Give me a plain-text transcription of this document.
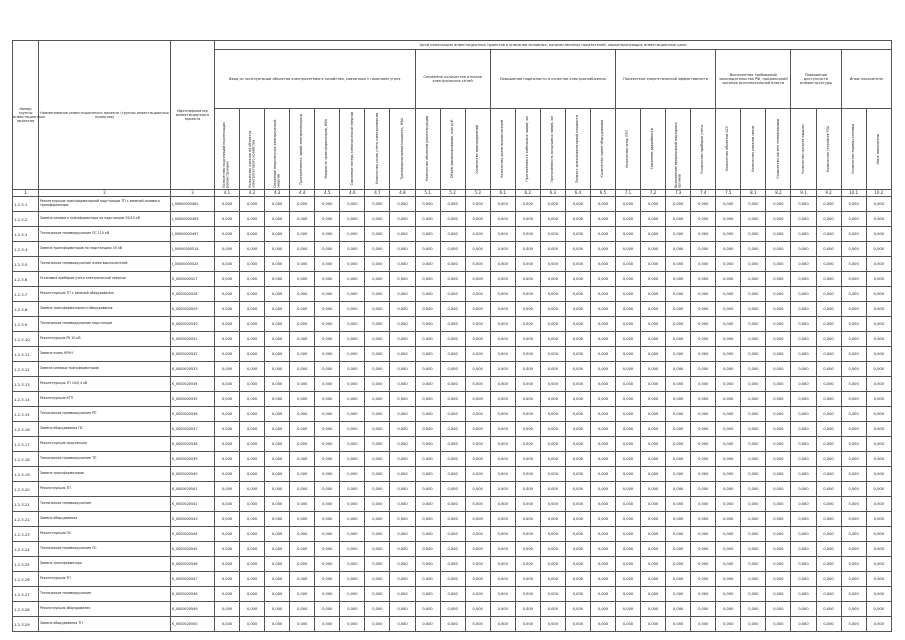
Номер группы инвестиционных проектов	Наименование инвестиционного проекта (группы инвестиционных проектов)	Идентификатор инвестиционного проекта	Цели реализации инвестиционных проектов в описании основных, количественных показателей, характеризующих инвестиционные цели																										
			Ввод из эксплуатации объектов электросетевого хозяйства, связанных с наличием угроз								Снижение количества отказов электрических сетей			Повышение надёжности и качества электроснабжения					Показатели энергетической эффективности				Выполнение требований законодательства РФ, предписаний органов исполнительной власти			Повышение доступности инфраструктуры		Иные показатели	

			Количество подстанций подлежащих реконструкции	Количество отказов на объектах электросетевого хозяйства	Снижение недоотпуска электрической энергии	Протяжённость линий электропередачи	Мощность трансформаторов, МВА	Снижение потерь электрической энергии	Количество точек учёта электроэнергии	Трансформаторная мощность, МВА	Количество объектов реконструкции	Объём финансирования, млн руб.	Количество присоединений	Количество ячеек выключателей	Протяжённость кабельных линий, км	Протяжённость воздушных линий, км	Прирост трансформаторной мощности	Количество замен оборудования	Количество опор ЛЭП	Снижение аварийности	Выполнение предписаний надзорных органов	Количество приборов учёта	Количество объектов АСУ	Количество каналов связи	Количество систем телемеханики	Количество средств защиты	Количество устройств РЗА	Количество единиц техники	Иные показатели

1	2	3	4.1	4.2	4.3	4.4	4.5	4.6	4.7	4.8	5.1	5.2	5.3	6.1	6.2	6.3	6.4	6.5	7.1	7.2	7.3	7.4	7.5	8.1	8.2	9.1	9.2	10.1	10.2
1.2.3.1	Реконструкция трансформаторной подстанции ТП с заменой силового трансформатора	J_00000005461	0,000	0,000	0,000	0,000	0,000	0,000	0,000	0,000	0,000	0,000	0,000	0,000	0,000	0,000	0,000	0,000	0,000	0,000	0,000	0,000	0,000	0,000	0,000	0,000	0,000	0,000	0,000
1.2.3.2	Замена силового трансформатора на подстанции 35/10 кВ	J_00000005493	0,000	0,000	0,000	0,000	0,000	0,000	0,000	0,000	0,000	0,000	0,000	0,000	0,000	0,000	0,000	0,000	0,000	0,000	0,000	0,000	0,000	0,000	0,000	0,000	0,000	0,000	0,000
1.2.3.3	Техническое перевооружение ПС 110 кВ	J_00000005497	0,000	0,000	0,000	0,000	0,000	0,000	0,000	0,000	0,000	0,000	0,000	0,000	0,000	0,000	0,000	0,000	0,000	0,000	0,000	0,000	0,000	0,000	0,000	0,000	0,000	0,000	0,000
1.2.3.4	Замена трансформаторов на подстанциях 35 кВ	J_00000005514	0,000	0,000	0,000	0,000	0,000	0,000	0,000	0,000	0,000	0,000	0,000	0,000	0,000	0,000	0,000	0,000	0,000	0,000	0,000	0,000	0,000	0,000	0,000	0,000	0,000	0,000	0,000
1.2.3.5	Техническое перевооружение ячеек выключателей	J_00000005525	0,000	0,000	0,000	0,000	0,000	0,000	0,000	0,000	0,000	0,000	0,000	0,000	0,000	0,000	0,000	0,000	0,000	0,000	0,000	0,000	0,000	0,000	0,000	0,000	0,000	0,000	0,000
1.2.3.6	Установка приборов учёта электрической энергии	K_0000020527	0,000	0,000	0,000	0,000	0,000	0,000	0,000	0,000	0,000	0,000	0,000	0,000	0,000	0,000	0,000	0,000	0,000	0,000	0,000	0,000	0,000	0,000	0,000	0,000	0,000	0,000	0,000
1.2.3.7	Реконструкция ТП с заменой оборудования	K_0000020528	0,000	0,000	0,000	0,000	0,000	0,000	0,000	0,000	0,000	0,000	0,000	0,000	0,000	0,000	0,000	0,000	0,000	0,000	0,000	0,000	0,000	0,000	0,000	0,000	0,000	0,000	0,000
1.2.3.8	Замена трансформаторного оборудования	K_0000020529	0,000	0,000	0,000	0,000	0,000	0,000	0,000	0,000	0,000	0,000	0,000	0,000	0,000	0,000	0,000	0,000	0,000	0,000	0,000	0,000	0,000	0,000	0,000	0,000	0,000	0,000	0,000
1.2.3.9	Техническое перевооружение подстанции	K_0000020530	0,000	0,000	0,000	0,000	0,000	0,000	0,000	0,000	0,000	0,000	0,000	0,000	0,000	0,000	0,000	0,000	0,000	0,000	0,000	0,000	0,000	0,000	0,000	0,000	0,000	0,000	0,000
1.2.3.10	Реконструкция РУ 10 кВ	K_0000020531	0,000	0,000	0,000	0,000	0,000	0,000	0,000	0,000	0,000	0,000	0,000	0,000	0,000	0,000	0,000	0,000	0,000	0,000	0,000	0,000	0,000	0,000	0,000	0,000	0,000	0,000	0,000
1.2.3.11	Замена ячеек КРУН	K_0000020532	0,000	0,000	0,000	0,000	0,000	0,000	0,000	0,000	0,000	0,000	0,000	0,000	0,000	0,000	0,000	0,000	0,000	0,000	0,000	0,000	0,000	0,000	0,000	0,000	0,000	0,000	0,000
1.2.3.12	Замена силовых трансформаторов	K_0000020533	0,000	0,000	0,000	0,000	0,000	0,000	0,000	0,000	0,000	0,000	0,000	0,000	0,000	0,000	0,000	0,000	0,000	0,000	0,000	0,000	0,000	0,000	0,000	0,000	0,000	0,000	0,000
1.2.3.13	Реконструкция ТП 10/0,4 кВ	K_0000020534	0,000	0,000	0,000	0,000	0,000	0,000	0,000	0,000	0,000	0,000	0,000	0,000	0,000	0,000	0,000	0,000	0,000	0,000	0,000	0,000	0,000	0,000	0,000	0,000	0,000	0,000	0,000
1.2.3.14	Реконструкция КТП	K_0000020535	0,000	0,000	0,000	0,000	0,000	0,000	0,000	0,000	0,000	0,000	0,000	0,000	0,000	0,000	0,000	0,000	0,000	0,000	0,000	0,000	0,000	0,000	0,000	0,000	0,000	0,000	0,000
1.2.3.15	Техническое перевооружение РП	K_0000020536	0,000	0,000	0,000	0,000	0,000	0,000	0,000	0,000	0,000	0,000	0,000	0,000	0,000	0,000	0,000	0,000	0,000	0,000	0,000	0,000	0,000	0,000	0,000	0,000	0,000	0,000	0,000
1.2.3.16	Замена оборудования ПС	K_0000020537	0,000	0,000	0,000	0,000	0,000	0,000	0,000	0,000	0,000	0,000	0,000	0,000	0,000	0,000	0,000	0,000	0,000	0,000	0,000	0,000	0,000	0,000	0,000	0,000	0,000	0,000	0,000
1.2.3.17	Реконструкция подстанции	K_0000020538	0,000	0,000	0,000	0,000	0,000	0,000	0,000	0,000	0,000	0,000	0,000	0,000	0,000	0,000	0,000	0,000	0,000	0,000	0,000	0,000	0,000	0,000	0,000	0,000	0,000	0,000	0,000
1.2.3.18	Техническое перевооружение ТП	K_0000020539	0,000	0,000	0,000	0,000	0,000	0,000	0,000	0,000	0,000	0,000	0,000	0,000	0,000	0,000	0,000	0,000	0,000	0,000	0,000	0,000	0,000	0,000	0,000	0,000	0,000	0,000	0,000
1.2.3.19	Замена трансформаторов	K_0000020540	0,000	0,000	0,000	0,000	0,000	0,000	0,000	0,000	0,000	0,000	0,000	0,000	0,000	0,000	0,000	0,000	0,000	0,000	0,000	0,000	0,000	0,000	0,000	0,000	0,000	0,000	0,000
1.2.3.20	Реконструкция ТП	K_0000020541	0,000	0,000	0,000	0,000	0,000	0,000	0,000	0,000	0,000	0,000	0,000	0,000	0,000	0,000	0,000	0,000	0,000	0,000	0,000	0,000	0,000	0,000	0,000	0,000	0,000	0,000	0,000
1.2.3.21	Техническое перевооружение	K_0000020542	0,000	0,000	0,000	0,000	0,000	0,000	0,000	0,000	0,000	0,000	0,000	0,000	0,000	0,000	0,000	0,000	0,000	0,000	0,000	0,000	0,000	0,000	0,000	0,000	0,000	0,000	0,000
1.2.3.22	Замена оборудования	K_0000020543	0,000	0,000	0,000	0,000	0,000	0,000	0,000	0,000	0,000	0,000	0,000	0,000	0,000	0,000	0,000	0,000	0,000	0,000	0,000	0,000	0,000	0,000	0,000	0,000	0,000	0,000	0,000
1.2.3.23	Реконструкция ПС	K_0000020544	0,000	0,000	0,000	0,000	0,000	0,000	0,000	0,000	0,000	0,000	0,000	0,000	0,000	0,000	0,000	0,000	0,000	0,000	0,000	0,000	0,000	0,000	0,000	0,000	0,000	0,000	0,000
1.2.3.24	Техническое перевооружение ПС	K_0000020545	0,000	0,000	0,000	0,000	0,000	0,000	0,000	0,000	0,000	0,000	0,000	0,000	0,000	0,000	0,000	0,000	0,000	0,000	0,000	0,000	0,000	0,000	0,000	0,000	0,000	0,000	0,000
1.2.3.25	Замена трансформатора	K_0000020546	0,000	0,000	0,000	0,000	0,000	0,000	0,000	0,000	0,000	0,000	0,000	0,000	0,000	0,000	0,000	0,000	0,000	0,000	0,000	0,000	0,000	0,000	0,000	0,000	0,000	0,000	0,000
1.2.3.26	Реконструкция ТП	K_0000020547	0,000	0,000	0,000	0,000	0,000	0,000	0,000	0,000	0,000	0,000	0,000	0,000	0,000	0,000	0,000	0,000	0,000	0,000	0,000	0,000	0,000	0,000	0,000	0,000	0,000	0,000	0,000
1.2.3.27	Техническое перевооружение	K_0000020548	0,000	0,000	0,000	0,000	0,000	0,000	0,000	0,000	0,000	0,000	0,000	0,000	0,000	0,000	0,000	0,000	0,000	0,000	0,000	0,000	0,000	0,000	0,000	0,000	0,000	0,000	0,000
1.2.3.28	Реконструкция оборудования	K_0000020549	0,000	0,000	0,000	0,000	0,000	0,000	0,000	0,000	0,000	0,000	0,000	0,000	0,000	0,000	0,000	0,000	0,000	0,000	0,000	0,000	0,000	0,000	0,000	0,000	0,000	0,000	0,000
1.2.3.29	Замена оборудования ТП	K_0000020550	0,000	0,000	0,000	0,000	0,000	0,000	0,000	0,000	0,000	0,000	0,000	0,000	0,000	0,000	0,000	0,000	0,000	0,000	0,000	0,000	0,000	0,000	0,000	0,000	0,000	0,000	0,000
